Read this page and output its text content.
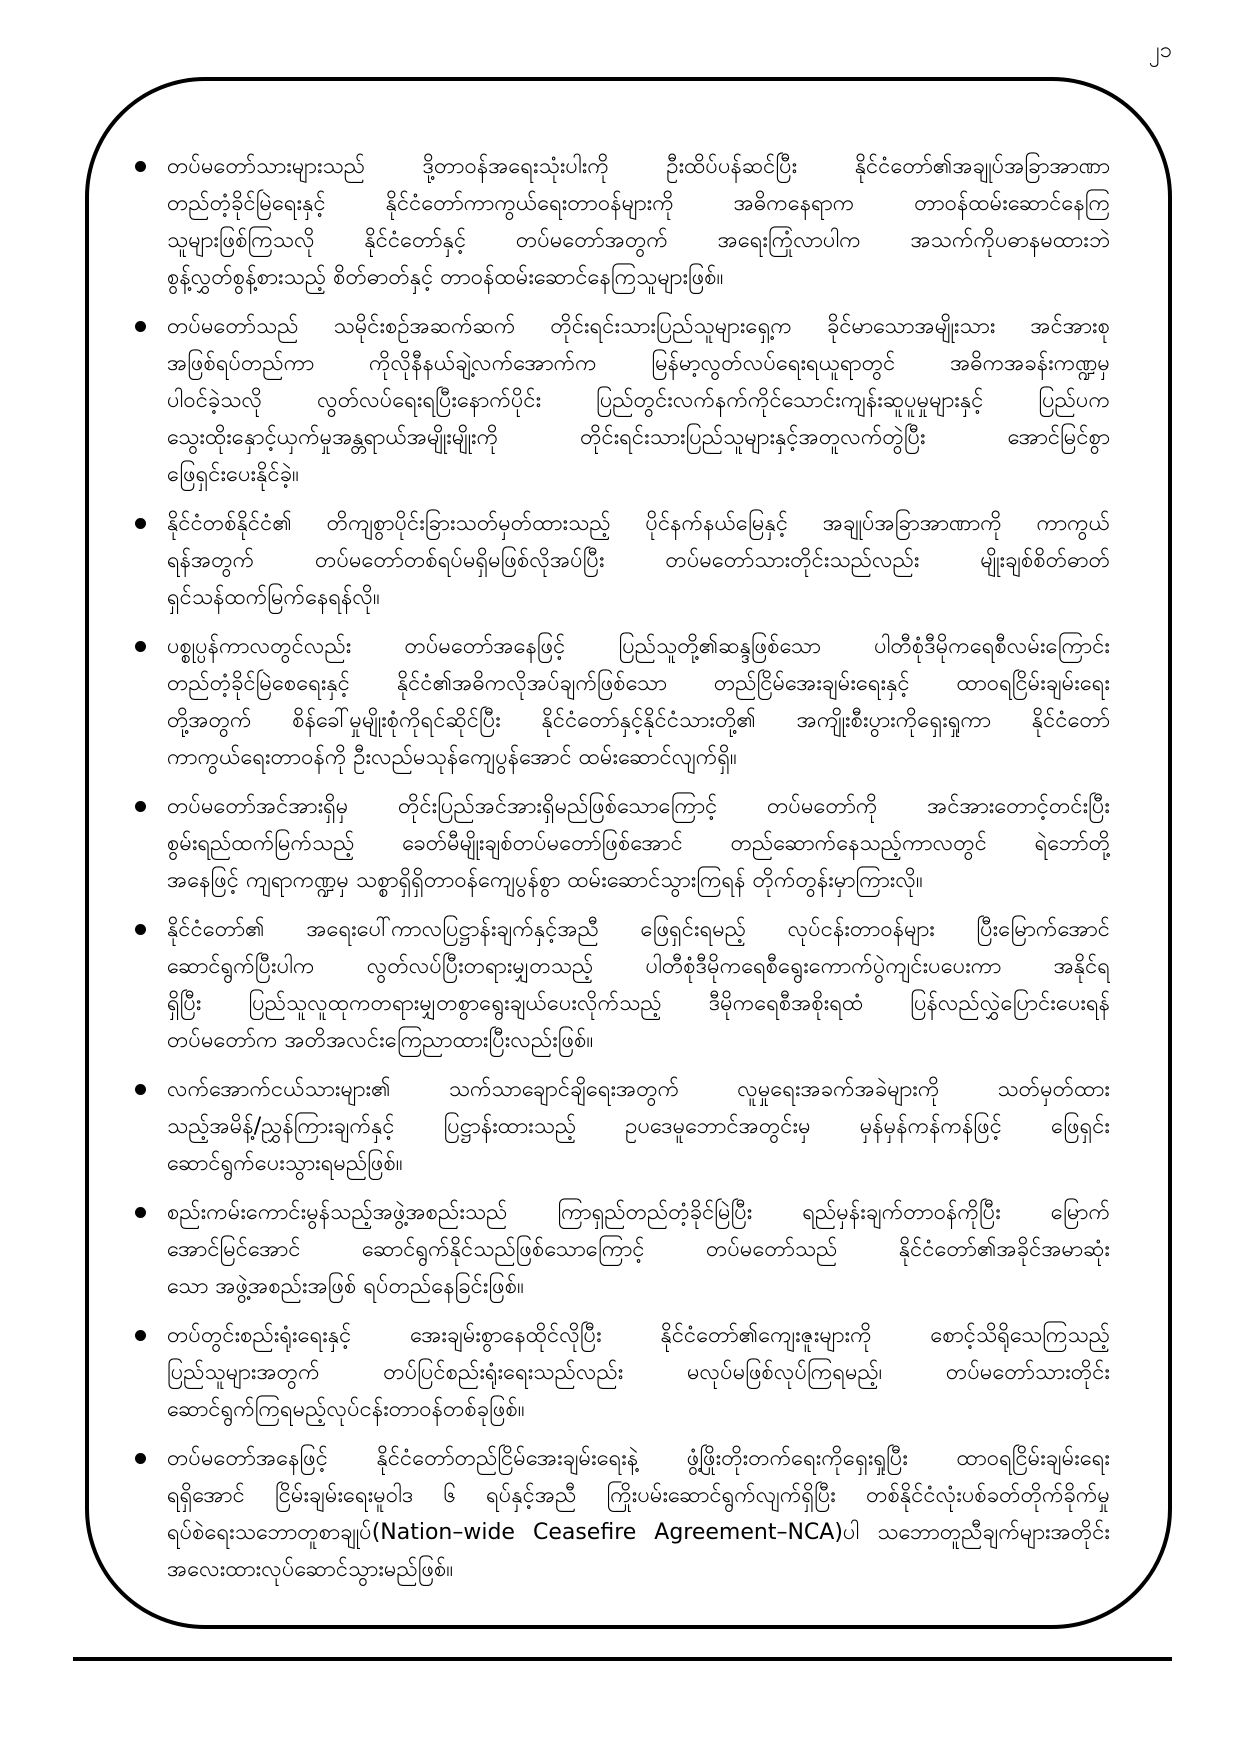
၂၁
တပ်မတော်သားများသည် ဒို့တာဝန်အရေးသုံးပါးကို ဦးထိပ်ပန်ဆင်ပြီး နိုင်ငံတော်၏အချုပ်အခြာအာဏာ
တည်တံ့ခိုင်မြဲရေးနှင့် နိုင်ငံတော်ကာကွယ်ရေးတာဝန်များကို အဓိကနေရာက တာဝန်ထမ်းဆောင်နေကြ
သူများဖြစ်ကြသလို နိုင်ငံတော်နှင့် တပ်မတော်အတွက် အရေးကြုံလာပါက အသက်ကိုပဓာနမထားဘဲ
စွန့်လွှတ်စွန့်စားသည့် စိတ်ဓာတ်နှင့် တာဝန်ထမ်းဆောင်နေကြသူများဖြစ်။
တပ်မတော်သည် သမိုင်းစဉ်အဆက်ဆက် တိုင်းရင်းသားပြည်သူများရှေ့က ခိုင်မာသောအမျိုးသား အင်အားစု
အဖြစ်ရပ်တည်ကာ ကိုလိုနီနယ်ချဲ့လက်အောက်က မြန်မာ့လွတ်လပ်ရေးရယူရာတွင် အဓိကအခန်းကဏ္ဍမှ
ပါဝင်ခဲ့သလို လွတ်လပ်ရေးရပြီးနောက်ပိုင်း ပြည်တွင်းလက်နက်ကိုင်သောင်းကျန်းဆူပူမှုများနှင့် ပြည်ပက
သွေးထိုးနှောင့်ယှက်မှုအန္တရာယ်အမျိုးမျိုးကို တိုင်းရင်းသားပြည်သူများနှင့်အတူလက်တွဲပြီး အောင်မြင်စွာ
ဖြေရှင်းပေးနိုင်ခဲ့။
နိုင်ငံတစ်နိုင်ငံ၏ တိကျစွာပိုင်းခြားသတ်မှတ်ထားသည့် ပိုင်နက်နယ်မြေနှင့် အချုပ်အခြာအာဏာကို ကာကွယ်
ရန်အတွက် တပ်မတော်တစ်ရပ်မရှိမဖြစ်လိုအပ်ပြီး တပ်မတော်သားတိုင်းသည်လည်း မျိုးချစ်စိတ်ဓာတ်
ရှင်သန်ထက်မြက်နေရန်လို။
ပစ္စုပ္ပန်ကာလတွင်လည်း တပ်မတော်အနေဖြင့် ပြည်သူတို့၏ဆန္ဒဖြစ်သော ပါတီစုံဒီမိုကရေစီလမ်းကြောင်း
တည်တံ့ခိုင်မြဲစေရေးနှင့် နိုင်ငံ၏အဓိကလိုအပ်ချက်ဖြစ်သော တည်ငြိမ်အေးချမ်းရေးနှင့် ထာဝရငြိမ်းချမ်းရေး
တို့အတွက် စိန်ခေါ်မှုမျိုးစုံကိုရင်ဆိုင်ပြီး နိုင်ငံတော်နှင့်နိုင်ငံသားတို့၏ အကျိုးစီးပွားကိုရှေးရှုကာ နိုင်ငံတော်
ကာကွယ်ရေးတာဝန်ကို ဦးလည်မသုန်ကျေပွန်အောင် ထမ်းဆောင်လျက်ရှိ။
တပ်မတော်အင်အားရှိမှ တိုင်းပြည်အင်အားရှိမည်ဖြစ်သောကြောင့် တပ်မတော်ကို အင်အားတောင့်တင်းပြီး
စွမ်းရည်ထက်မြက်သည့် ခေတ်မီမျိုးချစ်တပ်မတော်ဖြစ်အောင် တည်ဆောက်နေသည့်ကာလတွင် ရဲဘော်တို့
အနေဖြင့် ကျရာကဏ္ဍမှ သစ္စာရှိရှိတာဝန်ကျေပွန်စွာ ထမ်းဆောင်သွားကြရန် တိုက်တွန်းမှာကြားလို။
နိုင်ငံတော်၏ အရေးပေါ်ကာလပြဋ္ဌာန်းချက်နှင့်အညီ ဖြေရှင်းရမည့် လုပ်ငန်းတာဝန်များ ပြီးမြောက်အောင်
ဆောင်ရွက်ပြီးပါက လွတ်လပ်ပြီးတရားမျှတသည့် ပါတီစုံဒီမိုကရေစီရွေးကောက်ပွဲကျင်းပပေးကာ အနိုင်ရ
ရှိပြီး ပြည်သူလူထုကတရားမျှတစွာရွေးချယ်ပေးလိုက်သည့် ဒီမိုကရေစီအစိုးရထံ ပြန်လည်လွှဲပြောင်းပေးရန်
တပ်မတော်က အတိအလင်းကြေညာထားပြီးလည်းဖြစ်။
လက်အောက်ငယ်သားများ၏ သက်သာချောင်ချိရေးအတွက် လူမှုရေးအခက်အခဲများကို သတ်မှတ်ထား
သည့်အမိန့်/ညွှန်ကြားချက်နှင့် ပြဋ္ဌာန်းထားသည့် ဥပဒေမူဘောင်အတွင်းမှ မှန်မှန်ကန်ကန်ဖြင့် ဖြေရှင်း
ဆောင်ရွက်ပေးသွားရမည်ဖြစ်။
စည်းကမ်းကောင်းမွန်သည့်အဖွဲ့အစည်းသည် ကြာရှည်တည်တံ့ခိုင်မြဲပြီး ရည်မှန်းချက်တာဝန်ကိုပြီး မြောက်
အောင်မြင်အောင် ဆောင်ရွက်နိုင်သည်ဖြစ်သောကြောင့် တပ်မတော်သည် နိုင်ငံတော်၏အခိုင်အမာဆုံး
သော အဖွဲ့အစည်းအဖြစ် ရပ်တည်နေခြင်းဖြစ်။
တပ်တွင်းစည်းရုံးရေးနှင့် အေးချမ်းစွာနေထိုင်လိုပြီး နိုင်ငံတော်၏ကျေးဇူးများကို စောင့်သိရိုသေကြသည့်
ပြည်သူများအတွက် တပ်ပြင်စည်းရုံးရေးသည်လည်း မလုပ်မဖြစ်လုပ်ကြရမည့်၊ တပ်မတော်သားတိုင်း
ဆောင်ရွက်ကြရမည့်လုပ်ငန်းတာဝန်တစ်ခုဖြစ်။
တပ်မတော်အနေဖြင့် နိုင်ငံတော်တည်ငြိမ်အေးချမ်းရေးနဲ့ ဖွံ့ဖြိုးတိုးတက်ရေးကိုရှေးရှုပြီး ထာဝရငြိမ်းချမ်းရေး
ရရှိအောင် ငြိမ်းချမ်းရေးမူဝါဒ ၆ ရပ်နှင့်အညီ ကြိုးပမ်းဆောင်ရွက်လျက်ရှိပြီး တစ်နိုင်ငံလုံးပစ်ခတ်တိုက်ခိုက်မှု
ရပ်စဲရေးသဘောတူစာချုပ်(Nation–wide Ceasefire Agreement–NCA)ပါ သဘောတူညီချက်များအတိုင်း
အလေးထားလုပ်ဆောင်သွားမည်ဖြစ်။
